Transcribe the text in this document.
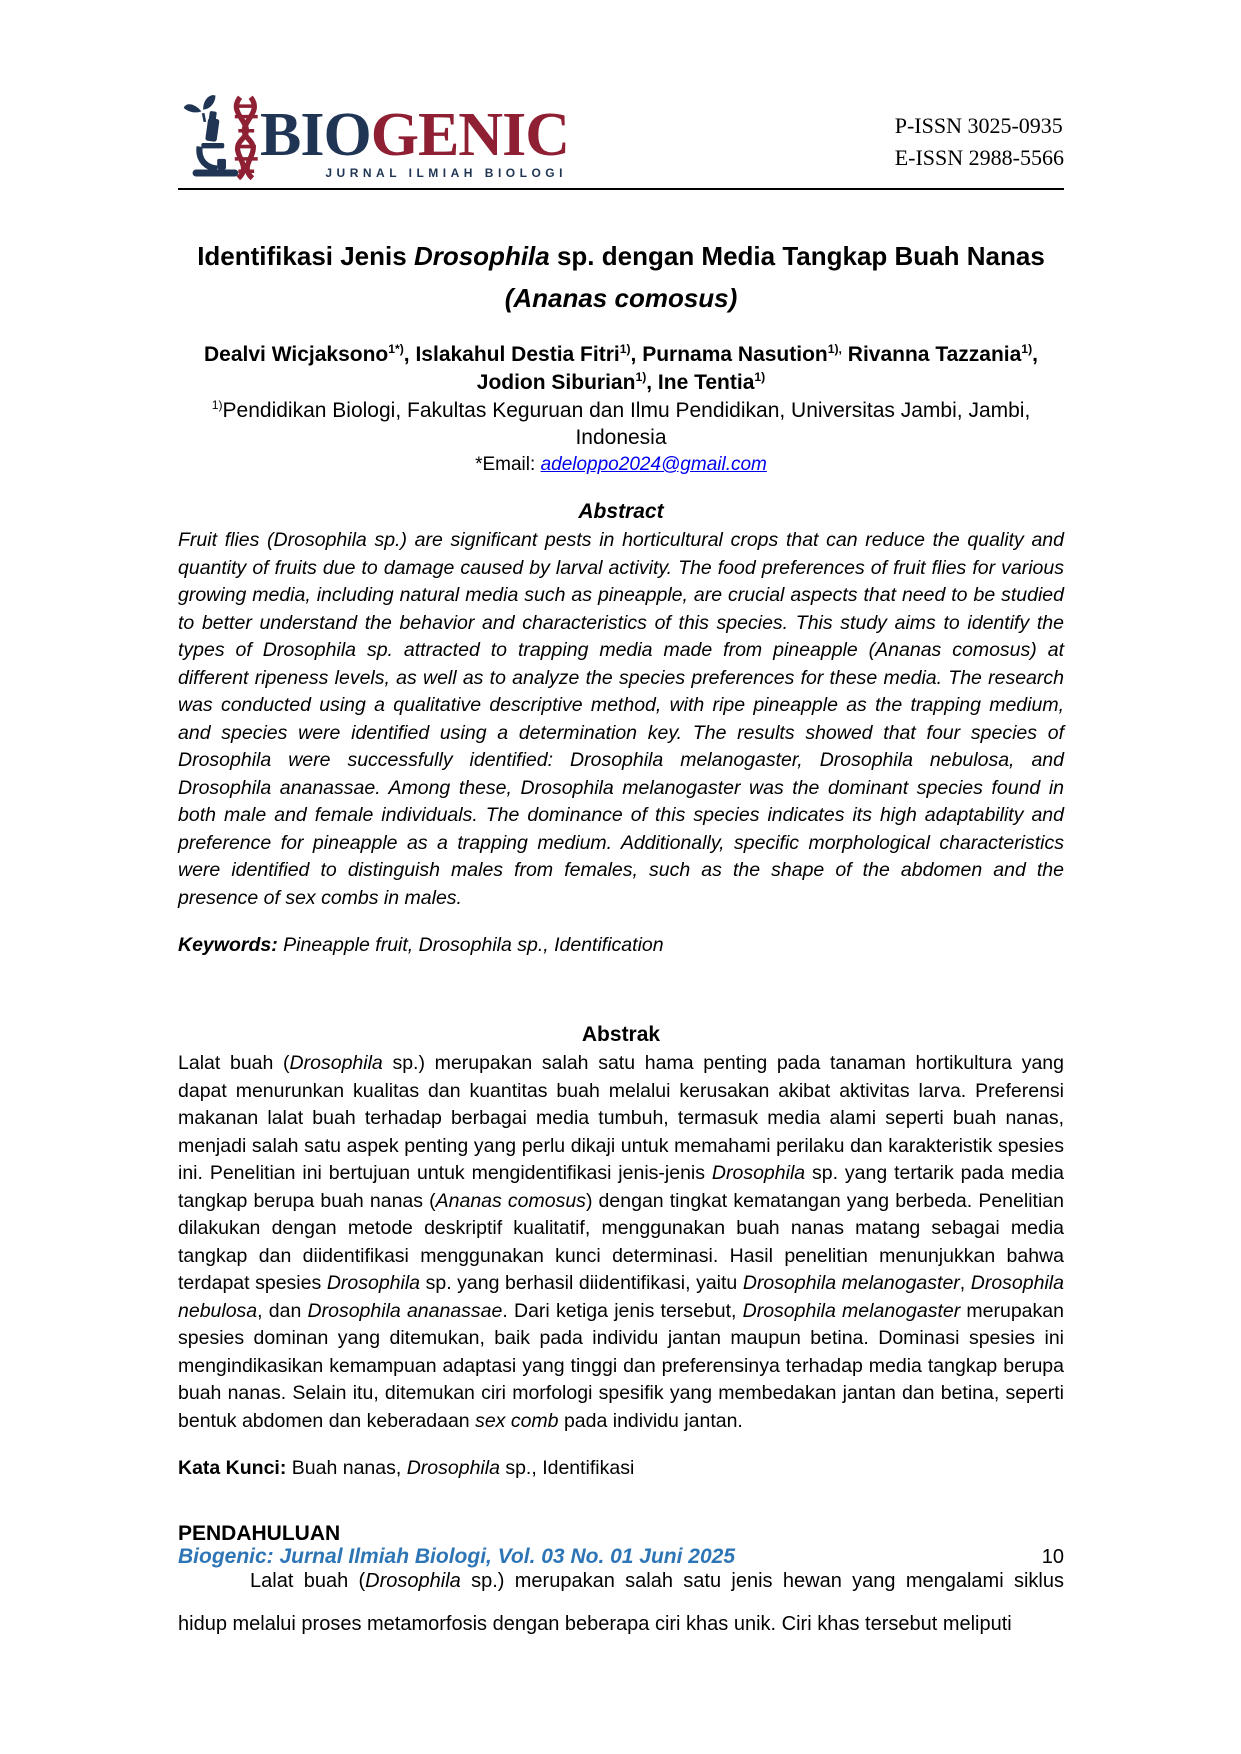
BIOGENIC
JURNAL ILMIAH BIOLOGI
P-ISSN 3025-0935
E-ISSN 2988-5566
Identifikasi Jenis Drosophila sp. dengan Media Tangkap Buah Nanas (Ananas comosus)
Dealvi Wicjaksono$^{1*)}$, Islakahul Destia Fitri$^{1)}$, Purnama Nasution$^{1),}$ Rivanna Tazzania$^{1)}$,
Jodion Siburian$^{1)}$, Ine Tentia$^{1)}$
$^{1)}$Pendidikan Biologi, Fakultas Keguruan dan Ilmu Pendidikan, Universitas Jambi, Jambi, Indonesia
*Email: adeloppo2024@gmail.com
Abstract

Fruit flies (Drosophila sp.) are significant pests in horticultural crops that can reduce the quality and quantity of fruits due to damage caused by larval activity. The food preferences of fruit flies for various growing media, including natural media such as pineapple, are crucial aspects that need to be studied to better understand the behavior and characteristics of this species. This study aims to identify the types of Drosophila sp. attracted to trapping media made from pineapple (Ananas comosus) at different ripeness levels, as well as to analyze the species preferences for these media. The research was conducted using a qualitative descriptive method, with ripe pineapple as the trapping medium, and species were identified using a determination key. The results showed that four species of Drosophila were successfully identified: Drosophila melanogaster, Drosophila nebulosa, and Drosophila ananassae. Among these, Drosophila melanogaster was the dominant species found in both male and female individuals. The dominance of this species indicates its high adaptability and preference for pineapple as a trapping medium. Additionally, specific morphological characteristics were identified to distinguish males from females, such as the shape of the abdomen and the presence of sex combs in males.

Keywords: Pineapple fruit, Drosophila sp., Identification

Abstrak

Lalat buah (Drosophila sp.) merupakan salah satu hama penting pada tanaman hortikultura yang dapat menurunkan kualitas dan kuantitas buah melalui kerusakan akibat aktivitas larva. Preferensi makanan lalat buah terhadap berbagai media tumbuh, termasuk media alami seperti buah nanas, menjadi salah satu aspek penting yang perlu dikaji untuk memahami perilaku dan karakteristik spesies ini. Penelitian ini bertujuan untuk mengidentifikasi jenis-jenis Drosophila sp. yang tertarik pada media tangkap berupa buah nanas (Ananas comosus) dengan tingkat kematangan yang berbeda. Penelitian dilakukan dengan metode deskriptif kualitatif, menggunakan buah nanas matang sebagai media tangkap dan diidentifikasi menggunakan kunci determinasi. Hasil penelitian menunjukkan bahwa terdapat spesies Drosophila sp. yang berhasil diidentifikasi, yaitu Drosophila melanogaster, Drosophila nebulosa, dan Drosophila ananassae. Dari ketiga jenis tersebut, Drosophila melanogaster merupakan spesies dominan yang ditemukan, baik pada individu jantan maupun betina. Dominasi spesies ini mengindikasikan kemampuan adaptasi yang tinggi dan preferensinya terhadap media tangkap berupa buah nanas. Selain itu, ditemukan ciri morfologi spesifik yang membedakan jantan dan betina, seperti bentuk abdomen dan keberadaan sex comb pada individu jantan.

Kata Kunci: Buah nanas, Drosophila sp., Identifikasi

PENDAHULUAN

Lalat buah (Drosophila sp.) merupakan salah satu jenis hewan yang mengalami siklus hidup melalui proses metamorfosis dengan beberapa ciri khas unik. Ciri khas tersebut meliputi

Biogenic: Jurnal Ilmiah Biologi, Vol. 03 No. 01 Juni 2025	10
